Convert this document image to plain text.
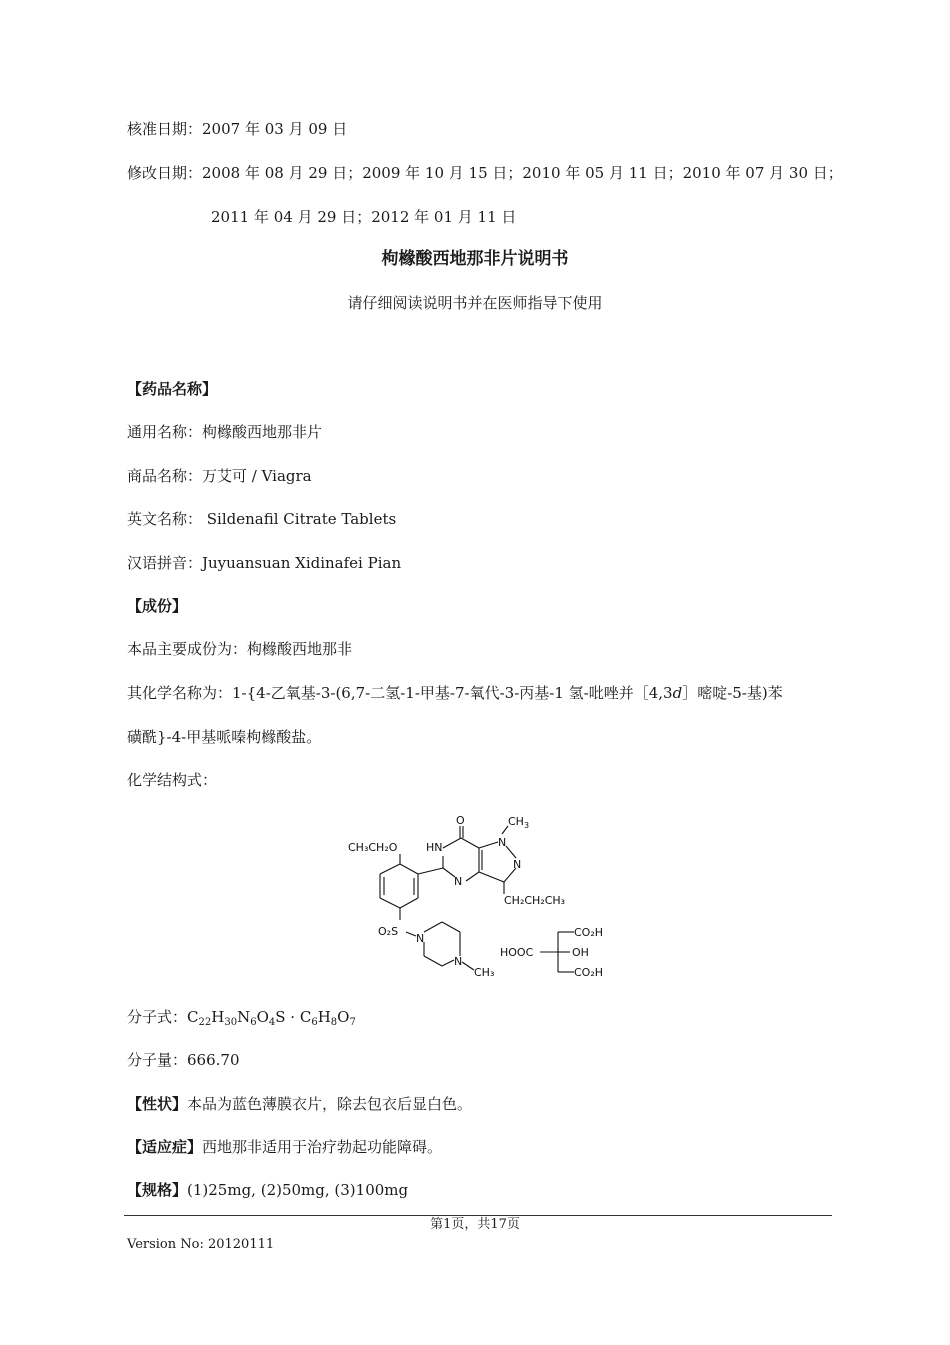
核准日期：2007 年 03 月 09 日
修改日期：2008 年 08 月 29 日；2009 年 10 月 15 日；2010 年 05 月 11 日；2010 年 07 月 30 日；
2011 年 04 月 29 日；2012 年 01 月 11 日
枸橼酸西地那非片说明书
请仔细阅读说明书并在医师指导下使用
【药品名称】
通用名称：枸橼酸西地那非片
商品名称：万艾可 / Viagra
英文名称： Sildenafil Citrate Tablets
汉语拼音：Juyuansuan Xidinafei Pian
【成份】
本品主要成份为：枸橼酸西地那非
其化学名称为：1-{4-乙氧基-3-(6,7-二氢-1-甲基-7-氧代-3-丙基-1 氢-吡唑并［4,3d］嘧啶-5-基)苯
磺酰}-4-甲基哌嗪枸橼酸盐。
化学结构式：
O	$CH_3$
CH₃CH₂O	HN	N
N
N
CH₂CH₂CH₃
O₂S
N
N
CH₃
HOOC
CO₂H
OH
CO₂H
分子式：$C_{22}H_{30}N_6O_4S \cdot C_6H_8O_7$
分子量：666.70
【性状】本品为蓝色薄膜衣片，除去包衣后显白色。
【适应症】西地那非适用于治疗勃起功能障碍。
【规格】(1)25mg, (2)50mg, (3)100mg
第1页，共17页
Version No: 20120111
